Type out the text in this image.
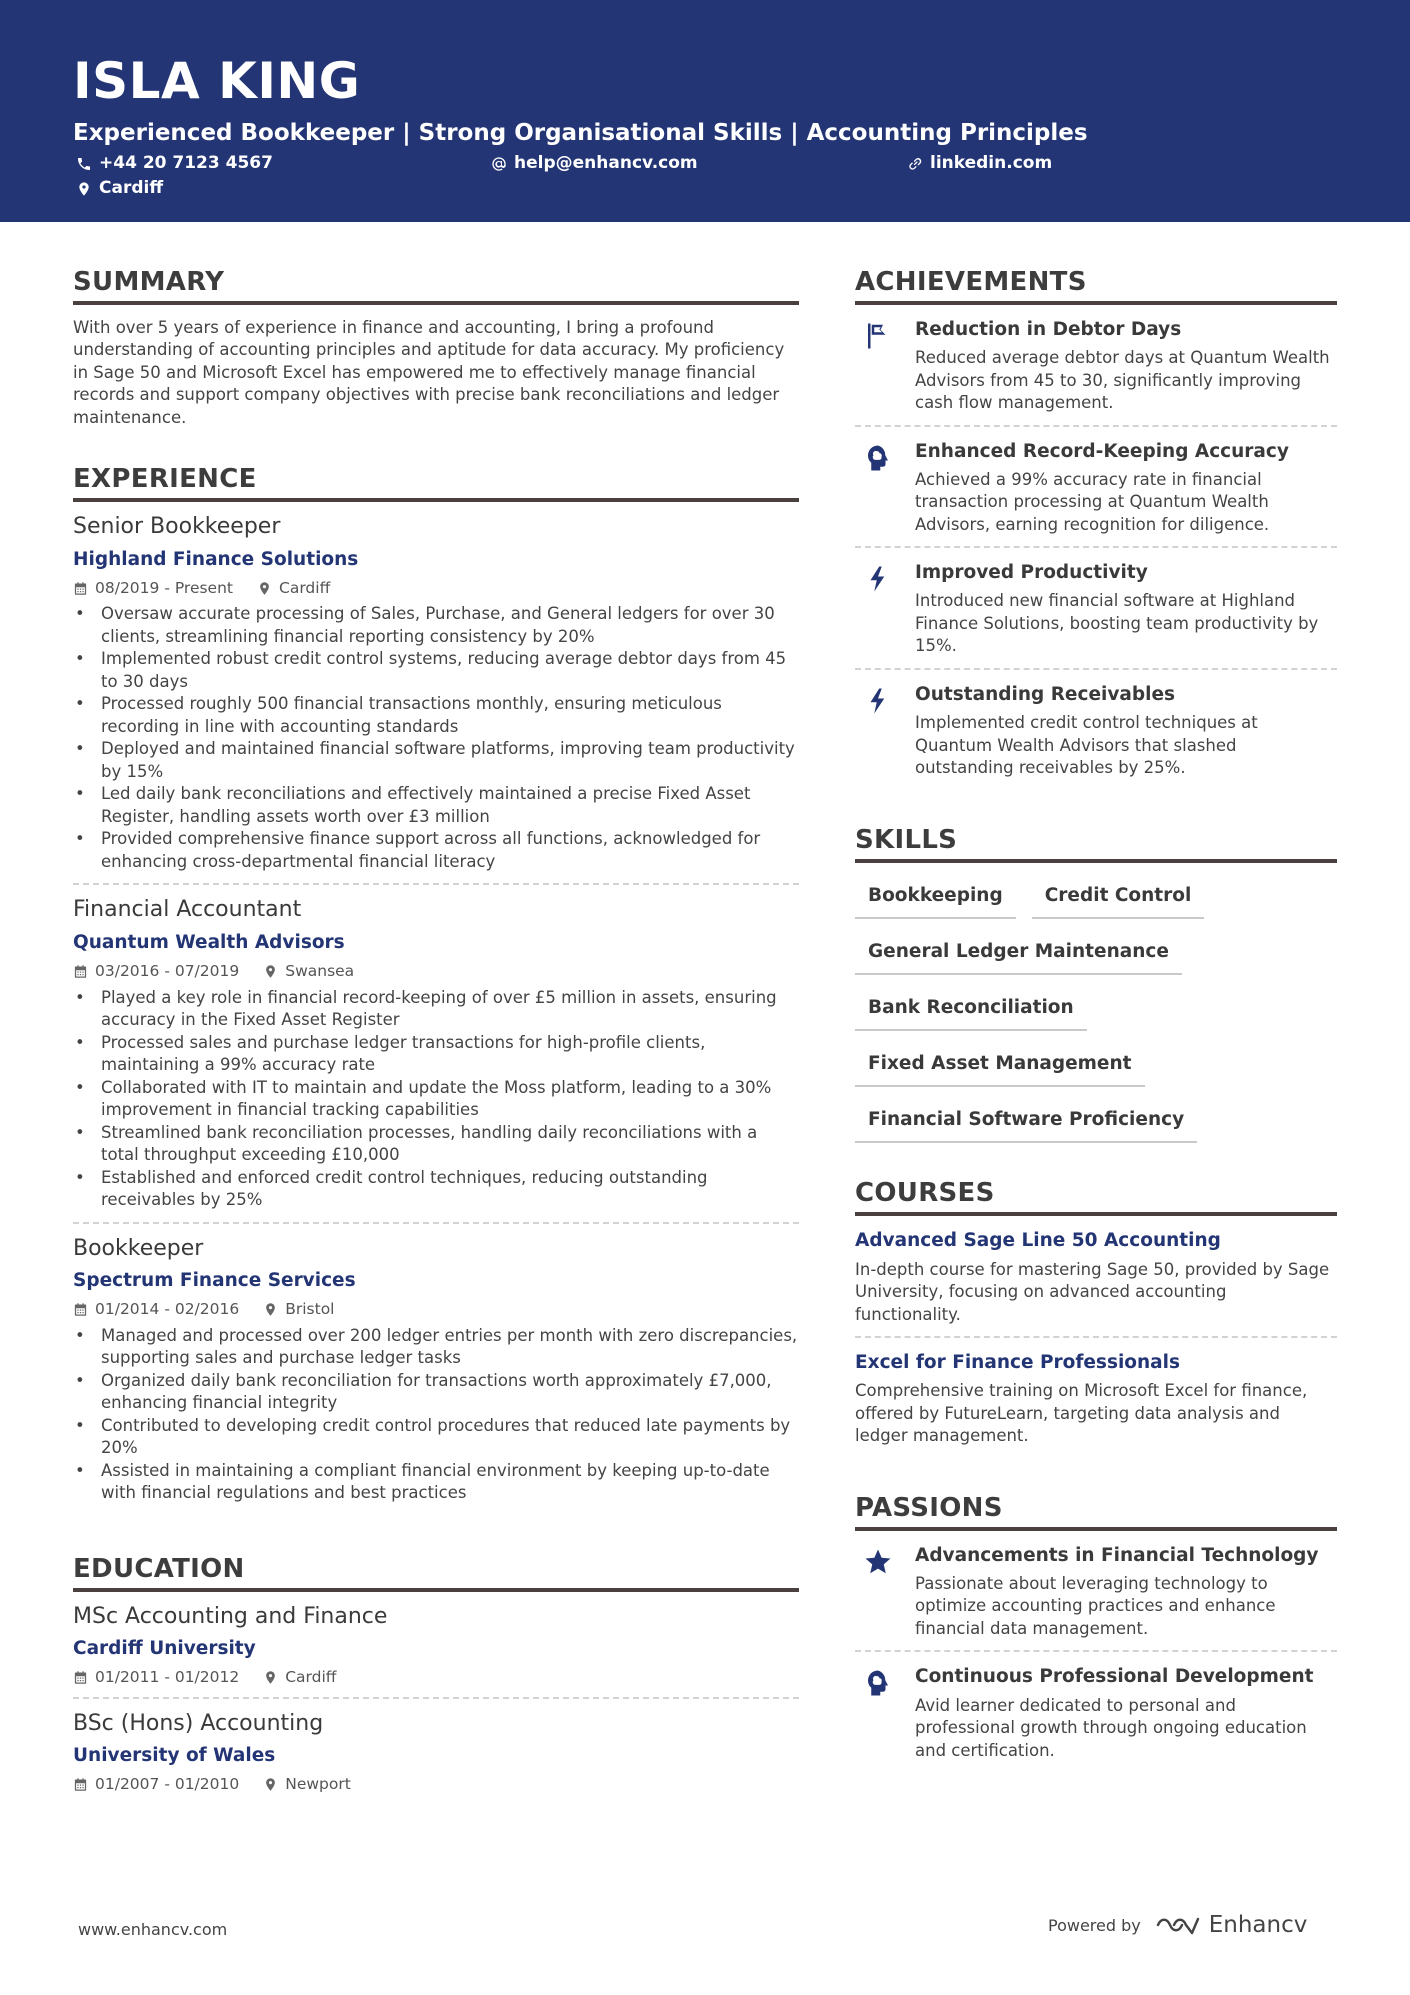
ISLA KING
Experienced Bookkeeper | Strong Organisational Skills | Accounting Principles
+44 20 7123 4567	help@enhancv.com	linkedin.com
Cardiff
SUMMARY
With over 5 years of experience in finance and accounting, I bring a profound understanding of accounting principles and aptitude for data accuracy. My proficiency in Sage 50 and Microsoft Excel has empowered me to effectively manage financial records and support company objectives with precise bank reconciliations and ledger maintenance.
EXPERIENCE
Senior Bookkeeper
Highland Finance Solutions
08/2019 - Present	Cardiff
• Oversaw accurate processing of Sales, Purchase, and General ledgers for over 30 clients, streamlining financial reporting consistency by 20%
• Implemented robust credit control systems, reducing average debtor days from 45 to 30 days
• Processed roughly 500 financial transactions monthly, ensuring meticulous recording in line with accounting standards
• Deployed and maintained financial software platforms, improving team productivity by 15%
• Led daily bank reconciliations and effectively maintained a precise Fixed Asset Register, handling assets worth over £3 million
• Provided comprehensive finance support across all functions, acknowledged for enhancing cross-departmental financial literacy
Financial Accountant
Quantum Wealth Advisors
03/2016 - 07/2019	Swansea
• Played a key role in financial record-keeping of over £5 million in assets, ensuring accuracy in the Fixed Asset Register
• Processed sales and purchase ledger transactions for high-profile clients, maintaining a 99% accuracy rate
• Collaborated with IT to maintain and update the Moss platform, leading to a 30% improvement in financial tracking capabilities
• Streamlined bank reconciliation processes, handling daily reconciliations with a total throughput exceeding £10,000
• Established and enforced credit control techniques, reducing outstanding receivables by 25%
Bookkeeper
Spectrum Finance Services
01/2014 - 02/2016	Bristol
• Managed and processed over 200 ledger entries per month with zero discrepancies, supporting sales and purchase ledger tasks
• Organized daily bank reconciliation for transactions worth approximately £7,000, enhancing financial integrity
• Contributed to developing credit control procedures that reduced late payments by 20%
• Assisted in maintaining a compliant financial environment by keeping up-to-date with financial regulations and best practices
EDUCATION
MSc Accounting and Finance
Cardiff University
01/2011 - 01/2012	Cardiff
BSc (Hons) Accounting
University of Wales
01/2007 - 01/2010	Newport
ACHIEVEMENTS
Reduction in Debtor Days
Reduced average debtor days at Quantum Wealth Advisors from 45 to 30, significantly improving cash flow management.
Enhanced Record-Keeping Accuracy
Achieved a 99% accuracy rate in financial transaction processing at Quantum Wealth Advisors, earning recognition for diligence.
Improved Productivity
Introduced new financial software at Highland Finance Solutions, boosting team productivity by 15%.
Outstanding Receivables
Implemented credit control techniques at Quantum Wealth Advisors that slashed outstanding receivables by 25%.
SKILLS
Bookkeeping	Credit Control
General Ledger Maintenance
Bank Reconciliation
Fixed Asset Management
Financial Software Proficiency
COURSES
Advanced Sage Line 50 Accounting
In-depth course for mastering Sage 50, provided by Sage University, focusing on advanced accounting functionality.
Excel for Finance Professionals
Comprehensive training on Microsoft Excel for finance, offered by FutureLearn, targeting data analysis and ledger management.
PASSIONS
Advancements in Financial Technology
Passionate about leveraging technology to optimize accounting practices and enhance financial data management.
Continuous Professional Development
Avid learner dedicated to personal and professional growth through ongoing education and certification.
www.enhancv.com	Powered by	Enhancv
